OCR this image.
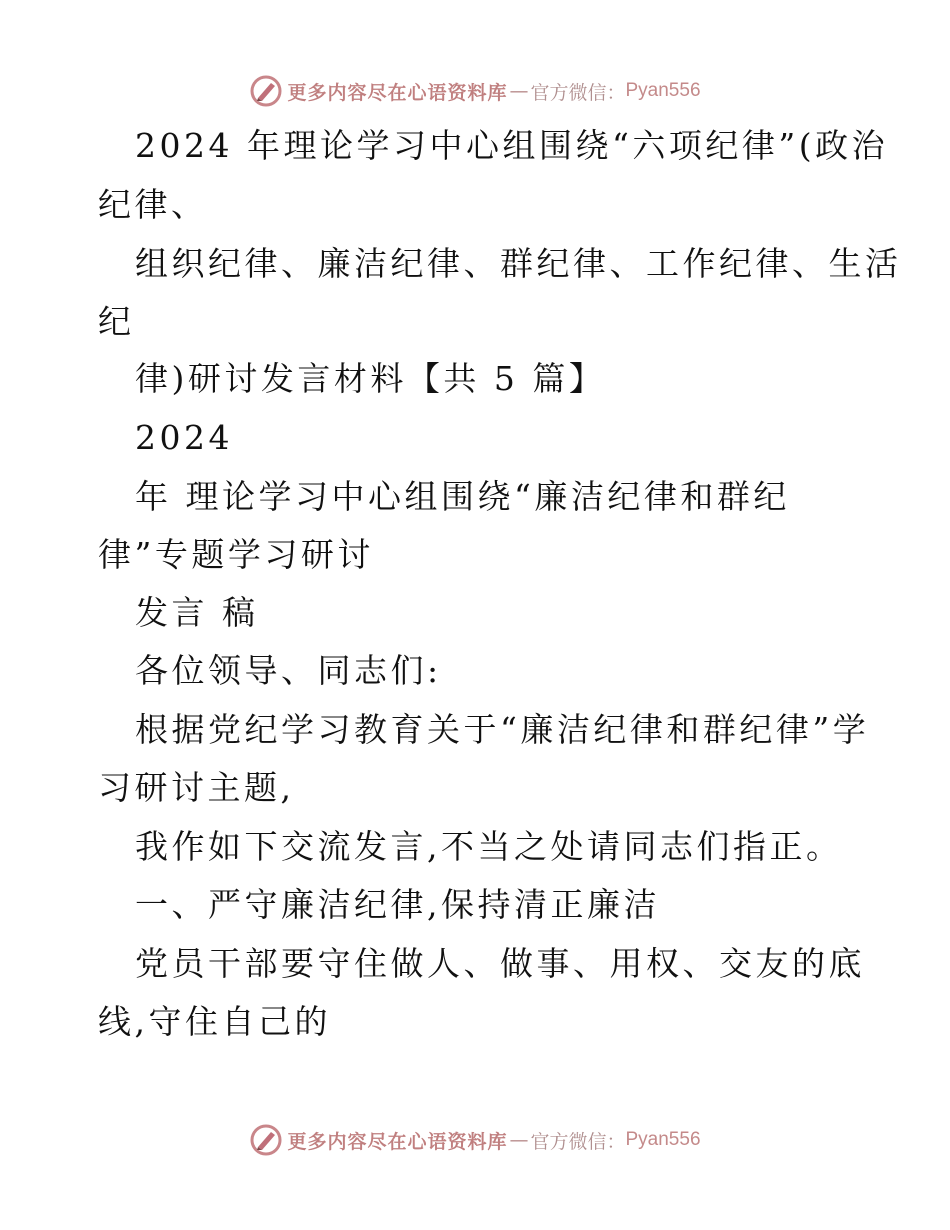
更多内容尽在心语资料库 — 官方微信： Pyan556
2024 年理论学习中心组围绕“六项纪律”(政治
纪律、
组织纪律、廉洁纪律、群纪律、工作纪律、生活
纪
律)研讨发言材料【共 5 篇】
2024
年 理论学习中心组围绕“廉洁纪律和群纪
律”专题学习研讨
发言 稿
各位领导、同志们:
根据党纪学习教育关于“廉洁纪律和群纪律”学
习研讨主题,
我作如下交流发言,不当之处请同志们指正。
一、严守廉洁纪律,保持清正廉洁
党员干部要守住做人、做事、用权、交友的底
线,守住自己的
更多内容尽在心语资料库 — 官方微信： Pyan556
